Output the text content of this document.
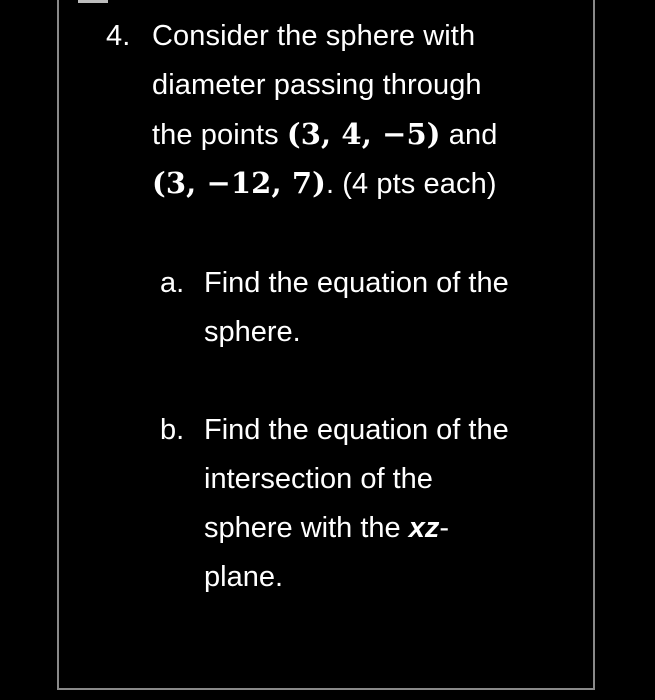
4. Consider the sphere with
diameter passing through
the points (3, 4, −5) and
(3, −12, 7). (4 pts each)
a. Find the equation of the
sphere.
b. Find the equation of the
intersection of the
sphere with the xz-
plane.
